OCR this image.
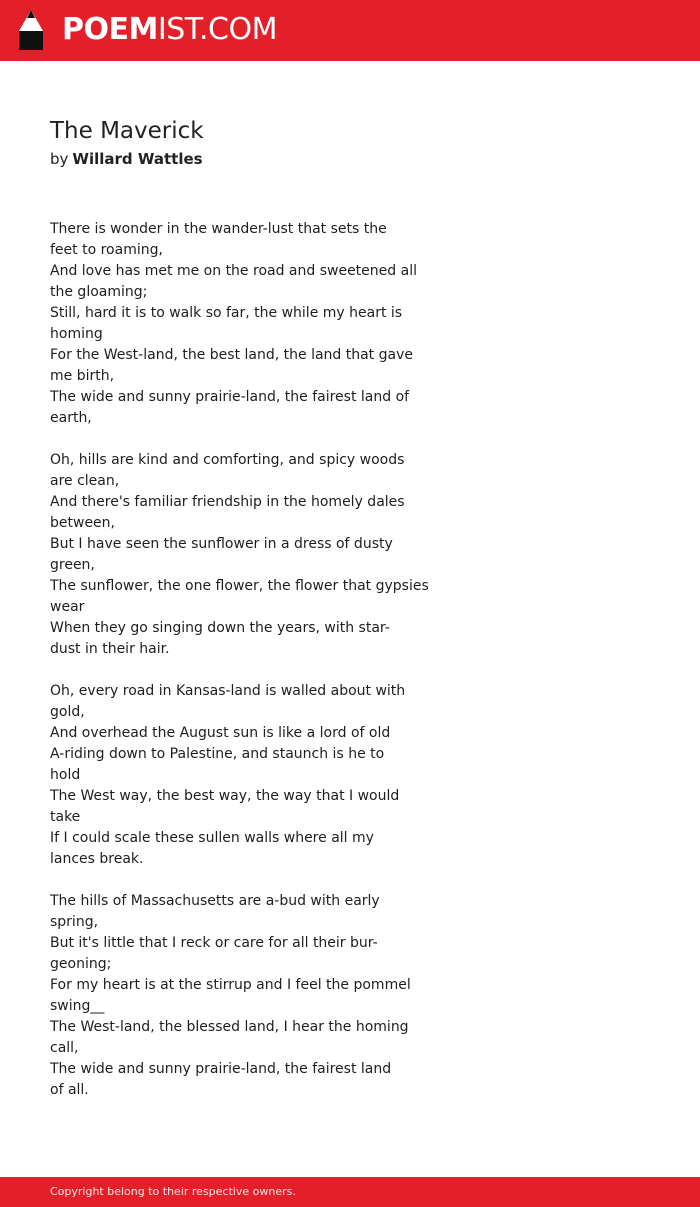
POEMIST.COM
The Maverick
by Willard Wattles
There is wonder in the wander-lust that sets the
feet to roaming,
And love has met me on the road and sweetened all
the gloaming;
Still, hard it is to walk so far, the while my heart is
homing
For the West-land, the best land, the land that gave
me birth,
The wide and sunny prairie-land, the fairest land of
earth,
Oh, hills are kind and comforting, and spicy woods
are clean,
And there's familiar friendship in the homely dales
between,
But I have seen the sunflower in a dress of dusty
green,
The sunflower, the one flower, the flower that gypsies
wear
When they go singing down the years, with star-
dust in their hair.
Oh, every road in Kansas-land is walled about with
gold,
And overhead the August sun is like a lord of old
A-riding down to Palestine, and staunch is he to
hold
The West way, the best way, the way that I would
take
If I could scale these sullen walls where all my
lances break.
The hills of Massachusetts are a-bud with early
spring,
But it's little that I reck or care for all their bur-
geoning;
For my heart is at the stirrup and I feel the pommel
swing__
The West-land, the blessed land, I hear the homing
call,
The wide and sunny prairie-land, the fairest land
of all.
Copyright belong to their respective owners.
